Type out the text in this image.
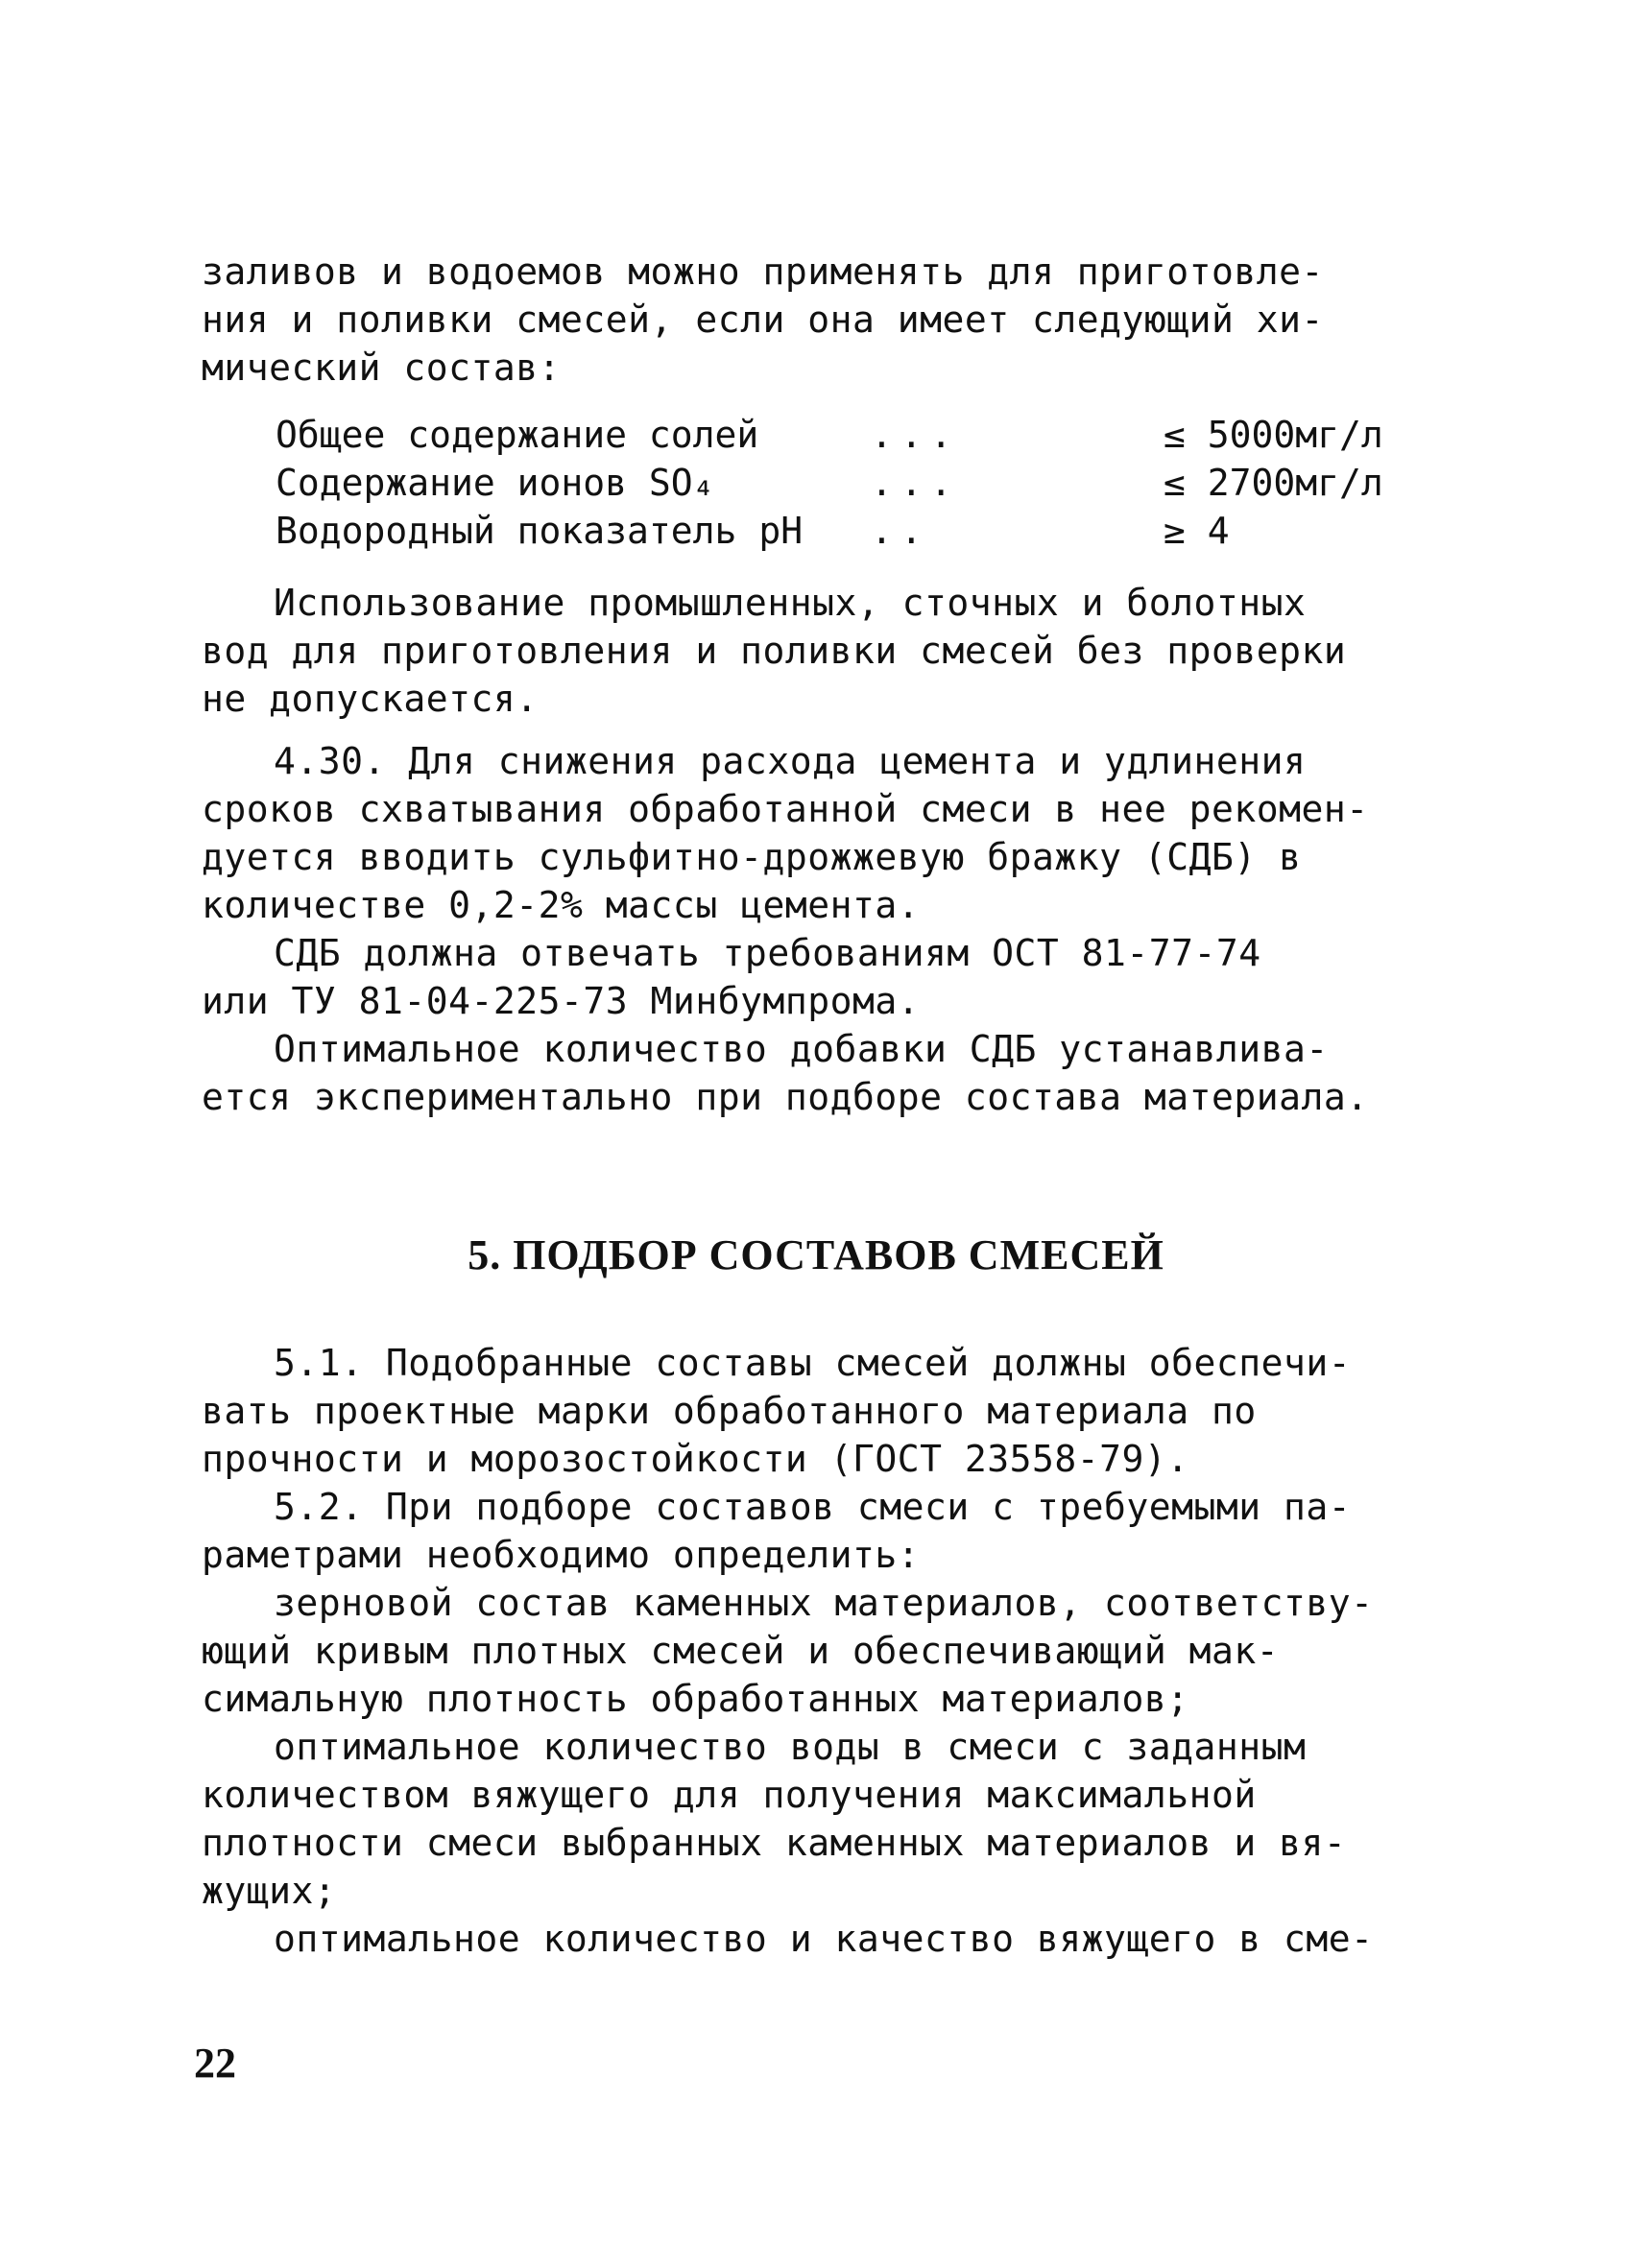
заливов и водоемов можно применять для приготовле-
ния и поливки смесей, если она имеет следующий хи-
мический состав:
Общее содержание солей	...	≤ 5000мг/л
Содержание ионов SO₄	...	≤ 2700мг/л
Водородный показатель pH ..	≥ 4
Использование промышленных, сточных и болотных
вод для приготовления и поливки смесей без проверки
не допускается.
4.30. Для снижения расхода цемента и удлинения
сроков схватывания обработанной смеси в нее рекомен-
дуется вводить сульфитно-дрожжевую бражку (СДБ) в
количестве 0,2-2% массы цемента.
СДБ должна отвечать требованиям ОСТ 81-77-74
или ТУ 81-04-225-73 Минбумпрома.
Оптимальное количество добавки СДБ устанавлива-
ется экспериментально при подборе состава материала.
5. ПОДБОР СОСТАВОВ СМЕСЕЙ
5.1. Подобранные составы смесей должны обеспечи-
вать проектные марки обработанного материала по
прочности и морозостойкости (ГОСТ 23558-79).
5.2. При подборе составов смеси с требуемыми па-
раметрами необходимо определить:
зерновой состав каменных материалов, соответству-
ющий кривым плотных смесей и обеспечивающий мак-
симальную плотность обработанных материалов;
оптимальное количество воды в смеси с заданным
количеством вяжущего для получения максимальной
плотности смеси выбранных каменных материалов и вя-
жущих;
оптимальное количество и качество вяжущего в сме-
22
